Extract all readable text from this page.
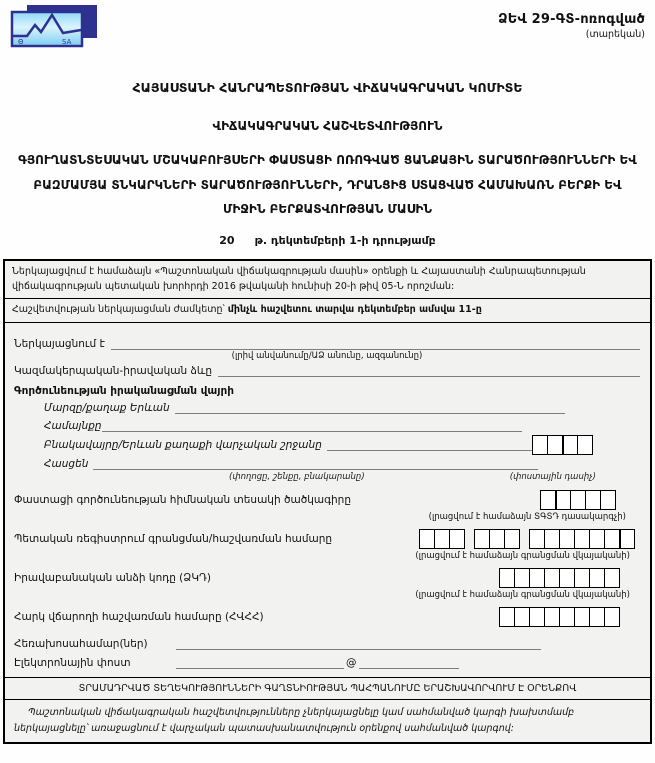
Θ	SA
ՁԵՎ 29-ԳՏ-ոռոգված
(տարեկան)
ՀԱՅԱՍՏԱՆԻ ՀԱՆՐԱՊԵՏՈՒԹՅԱՆ ՎԻՃԱԿԱԳՐԱԿԱՆ ԿՈՄԻՏԵ
ՎԻՃԱԿԱԳՐԱԿԱՆ ՀԱՇՎԵՏՎՈՒԹՅՈՒՆ
ԳՅՈՒՂԱՏՆՏԵՍԱԿԱՆ ՄՇԱԿԱԲՈՒՅՍԵՐԻ ՓԱՍՏԱՑԻ ՈՌՈԳՎԱԾ ՑԱՆՔԱՅԻՆ ՏԱՐԱԾՈՒԹՅՈՒՆՆԵՐԻ ԵՎ ԲԱԶՄԱՄՅԱ ՏՆԿԱՐԿՆԵՐԻ ՏԱՐԱԾՈՒԹՅՈՒՆՆԵՐԻ, ԴՐԱՆՑԻՑ ՍՏԱՑՎԱԾ ՀԱՄԱԽԱՌՆ ԲԵՐՔԻ ԵՎ ՄԻՋԻՆ ԲԵՐՔԱՏՎՈՒԹՅԱՆ ՄԱՍԻՆ
20 թ. դեկտեմբերի 1-ի դրությամբ
Ներկայացվում է համաձայն «Պաշտոնական վիճակագրության մասին» օրենքի և Հայաստանի Հանրապետության վիճակագրության պետական խորհրդի 2016 թվականի հունիսի 20-ի թիվ 05-Ն որոշման:
Հաշվետվության ներկայացման ժամկետը՝ մինչև հաշվետու տարվա դեկտեմբեր ամսվա 11-ը
Ներկայացնում է
(լրիվ անվանումը/ԱՁ անունը, ազգանունը)
Կազմակերպական-իրավական ձևը
Գործունեության իրականացման վայրի
Մարզը/քաղաք Երևան
Համայնքը
Բնակավայրը/Երևան քաղաքի վարչական շրջանը
Հասցեն
(փողոցը, շենքը, բնակարանը)	(փոստային դասիչ)
Փաստացի գործունեության հիմնական տեսակի ծածկագիրը
(լրացվում է համաձայն ՏԳՏԴ դասակարգչի)
Պետական ռեգիստրում գրանցման/հաշվառման համարը
(լրացվում է համաձայն գրանցման վկայականի)
Իրավաբանական անձի կոդը (ՁԿԴ)
(լրացվում է համաձայն գրանցման վկայականի)
Հարկ վճարողի հաշվառման համարը (ՀՎՀՀ)
Հեռախոսահամար(ներ)
Էլեկտրոնային փոստ	@
ՏՐԱՄԱԴՐՎԱԾ ՏԵՂԵԿՈՒԹՅՈՒՆՆԵՐԻ ԳԱՂՏՆԻՈՒԹՅԱՆ ՊԱՀՊԱՆՈՒՄԸ ԵՐԱՇԽԱՎՈՐՎՈՒՄ Է ՕՐԵՆՔՈՎ
Պաշտոնական վիճակագրական հաշվետվությունները չներկայացնելը կամ սահմանված կարգի խախտմամբ ներկայացնելը՝ առաջացնում է վարչական պատասխանատվություն օրենքով սահմանված կարգով:
